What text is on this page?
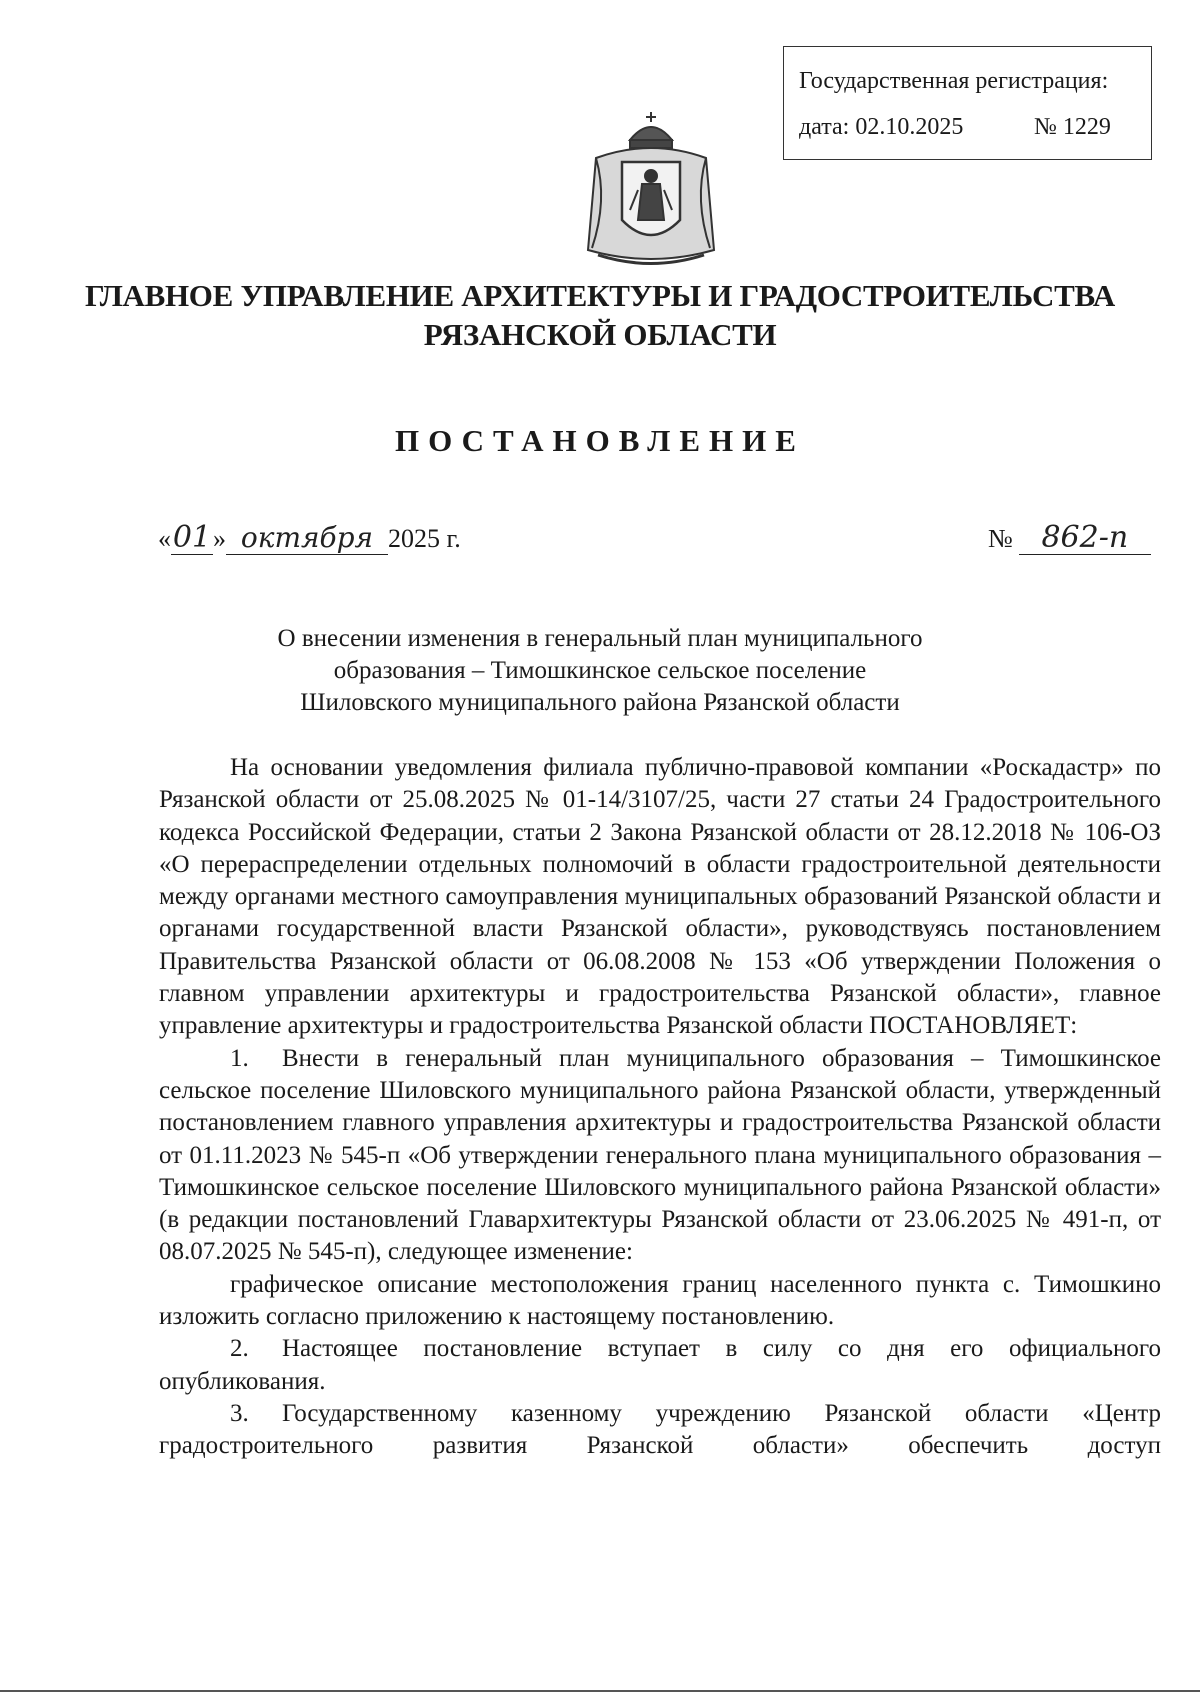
Государственная регистрация:
дата: 02.10.2025	№ 1229
ГЛАВНОЕ УПРАВЛЕНИЕ АРХИТЕКТУРЫ И ГРАДОСТРОИТЕЛЬСТВА
РЯЗАНСКОЙ ОБЛАСТИ
ПОСТАНОВЛЕНИЕ
«01» октября 2025 г.	№ 862-п
О внесении изменения в генеральный план муниципального
образования – Тимошкинское сельское поселение
Шиловского муниципального района Рязанской области

На основании уведомления филиала публично-правовой компании «Роскадастр» по Рязанской области от 25.08.2025 № 01-14/3107/25, части 27 статьи 24 Градостроительного кодекса Российской Федерации, статьи 2 Закона Рязанской области от 28.12.2018 № 106-ОЗ «О перераспределении отдельных полномочий в области градостроительной деятельности между органами местного самоуправления муниципальных образований Рязанской области и органами государственной власти Рязанской области», руководствуясь постановлением Правительства Рязанской области от 06.08.2008 № 153 «Об утверждении Положения о главном управлении архитектуры и градостроительства Рязанской области», главное управление архитектуры и градостроительства Рязанской области ПОСТАНОВЛЯЕТ:

1. Внести в генеральный план муниципального образования – Тимошкинское сельское поселение Шиловского муниципального района Рязанской области, утвержденный постановлением главного управления архитектуры и градостроительства Рязанской области от 01.11.2023 № 545-п «Об утверждении генерального плана муниципального образования – Тимошкинское сельское поселение Шиловского муниципального района Рязанской области» (в редакции постановлений Главархитектуры Рязанской области от 23.06.2025 № 491-п, от 08.07.2025 № 545-п), следующее изменение:

графическое описание местоположения границ населенного пункта с. Тимошкино изложить согласно приложению к настоящему постановлению.

2. Настоящее постановление вступает в силу со дня его официального опубликования.

3. Государственному казенному учреждению Рязанской области «Центр градостроительного развития Рязанской области» обеспечить доступ
